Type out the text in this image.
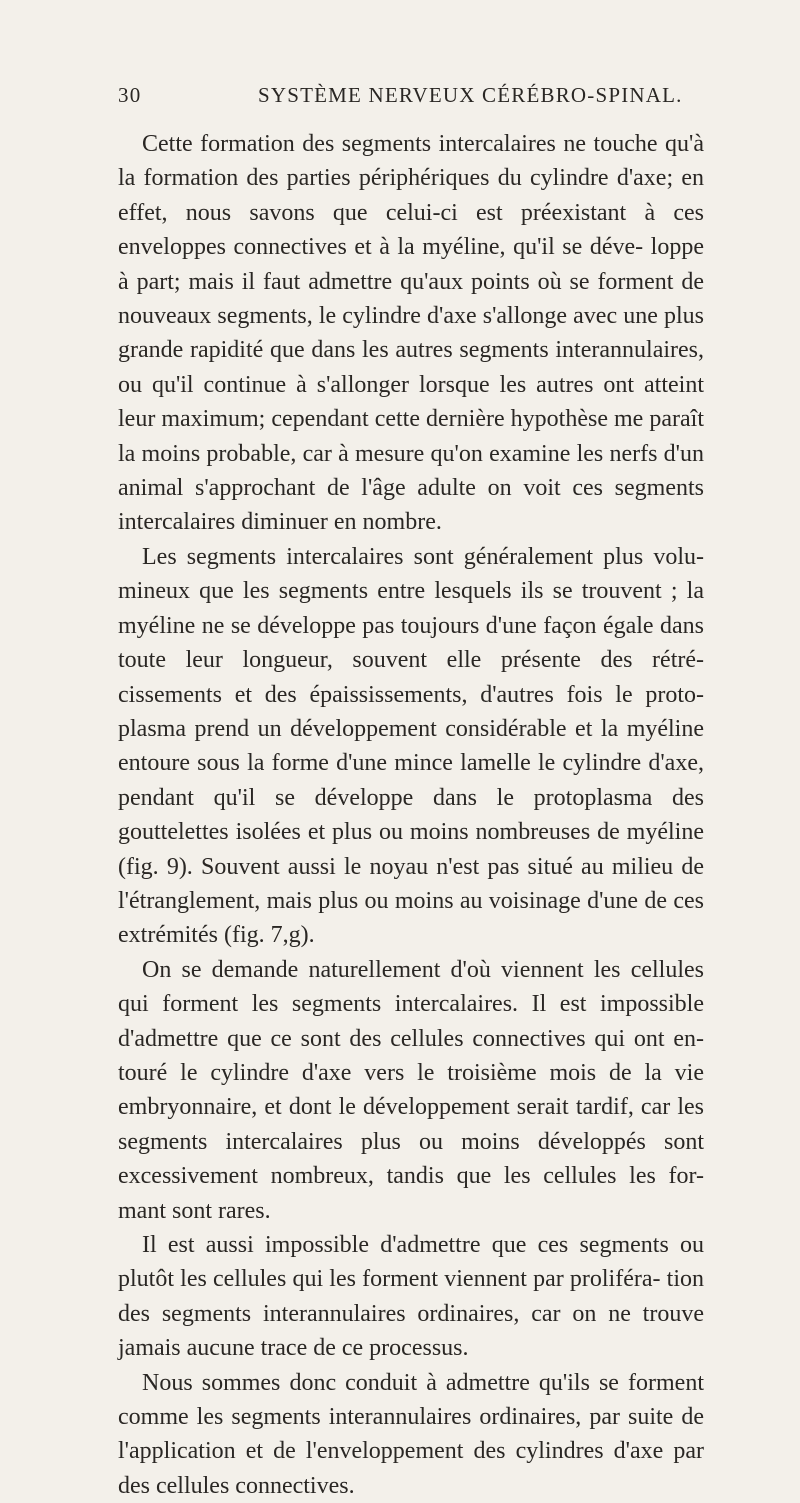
30	SYSTÈME NERVEUX CÉRÉBRO-SPINAL.

Cette formation des segments intercalaires ne touche qu'à la formation des parties périphériques du cylindre d'axe; en effet, nous savons que celui-ci est préexistant à ces enveloppes connectives et à la myéline, qu'il se déve- loppe à part; mais il faut admettre qu'aux points où se forment de nouveaux segments, le cylindre d'axe s'allonge avec une plus grande rapidité que dans les autres segments interannulaires, ou qu'il continue à s'allonger lorsque les autres ont atteint leur maximum; cependant cette dernière hypothèse me paraît la moins probable, car à mesure qu'on examine les nerfs d'un animal s'approchant de l'âge adulte on voit ces segments intercalaires diminuer en nombre.

Les segments intercalaires sont généralement plus volu- mineux que les segments entre lesquels ils se trouvent ; la myéline ne se développe pas toujours d'une façon égale dans toute leur longueur, souvent elle présente des rétré- cissements et des épaississements, d'autres fois le proto- plasma prend un développement considérable et la myéline entoure sous la forme d'une mince lamelle le cylindre d'axe, pendant qu'il se développe dans le protoplasma des gouttelettes isolées et plus ou moins nombreuses de myéline (fig. 9). Souvent aussi le noyau n'est pas situé au milieu de l'étranglement, mais plus ou moins au voisinage d'une de ces extrémités (fig. 7,g).

On se demande naturellement d'où viennent les cellules qui forment les segments intercalaires. Il est impossible d'admettre que ce sont des cellules connectives qui ont en- touré le cylindre d'axe vers le troisième mois de la vie embryonnaire, et dont le développement serait tardif, car les segments intercalaires plus ou moins développés sont excessivement nombreux, tandis que les cellules les for- mant sont rares.

Il est aussi impossible d'admettre que ces segments ou plutôt les cellules qui les forment viennent par proliféra- tion des segments interannulaires ordinaires, car on ne trouve jamais aucune trace de ce processus.

Nous sommes donc conduit à admettre qu'ils se forment comme les segments interannulaires ordinaires, par suite de l'application et de l'enveloppement des cylindres d'axe par des cellules connectives.
